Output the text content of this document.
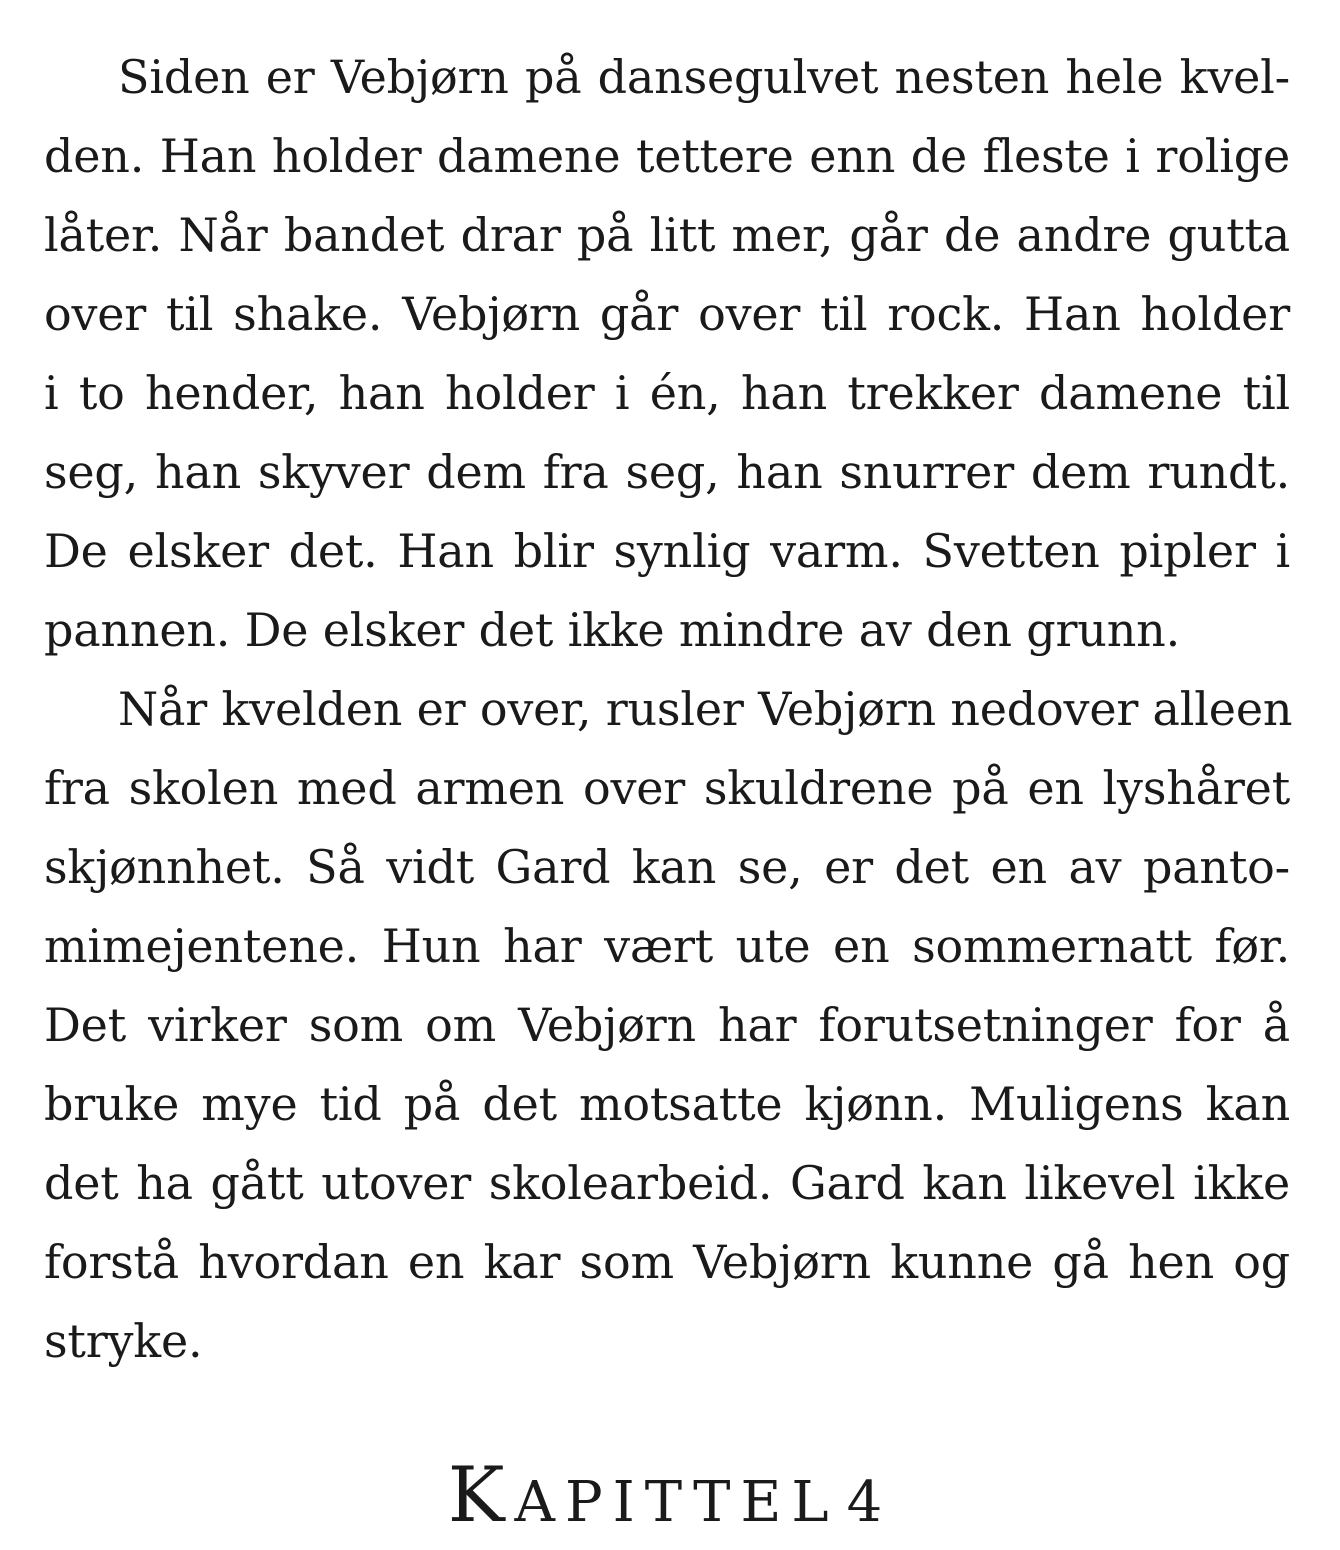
Siden er Vebjørn på dansegulvet nesten hele kvel-
den. Han holder damene tettere enn de fleste i rolige
låter. Når bandet drar på litt mer, går de andre gutta
over til shake. Vebjørn går over til rock. Han holder
i to hender, han holder i én, han trekker damene til
seg, han skyver dem fra seg, han snurrer dem rundt.
De elsker det. Han blir synlig varm. Svetten pipler i
pannen. De elsker det ikke mindre av den grunn.
Når kvelden er over, rusler Vebjørn nedover alleen
fra skolen med armen over skuldrene på en lyshåret
skjønnhet. Så vidt Gard kan se, er det en av panto-
mimejentene. Hun har vært ute en sommernatt før.
Det virker som om Vebjørn har forutsetninger for å
bruke mye tid på det motsatte kjønn. Muligens kan
det ha gått utover skolearbeid. Gard kan likevel ikke
forstå hvordan en kar som Vebjørn kunne gå hen og
stryke.
KAPITTEL 4
